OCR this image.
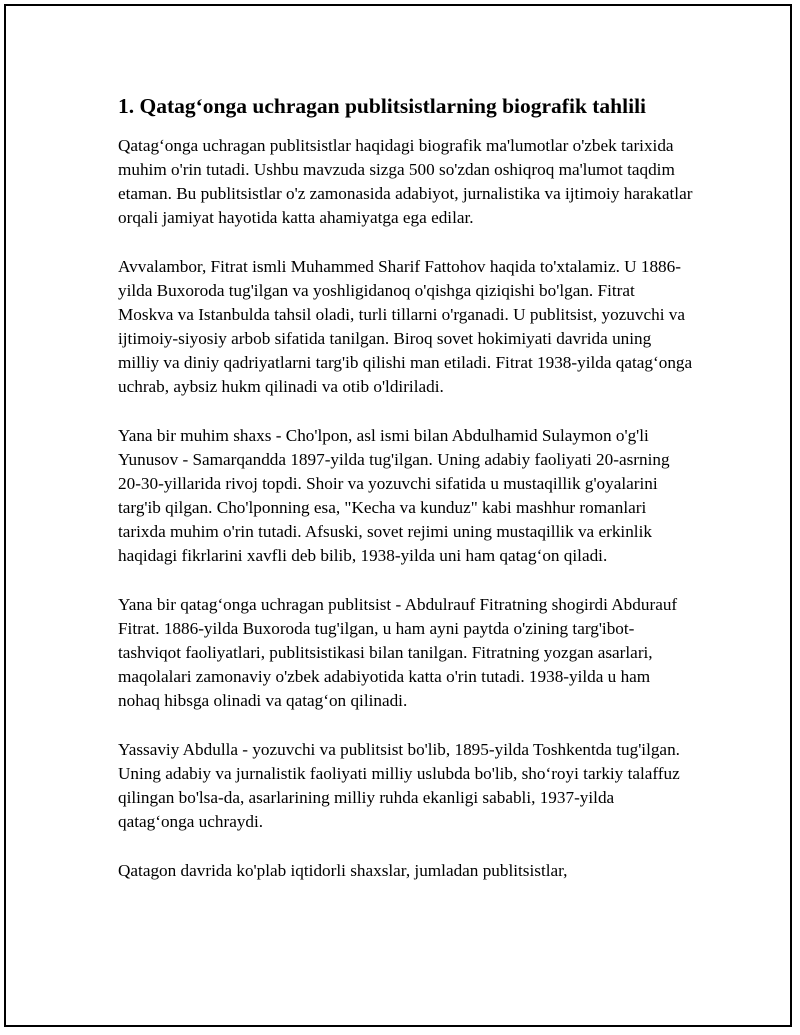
1. Qatag‘onga uchragan publitsistlarning biografik tahlili

Qatag‘onga uchragan publitsistlar haqidagi biografik ma'lumotlar o'zbek tarixida muhim o'rin tutadi. Ushbu mavzuda sizga 500 so'zdan oshiqroq ma'lumot taqdim etaman. Bu publitsistlar o'z zamonasida adabiyot, jurnalistika va ijtimoiy harakatlar orqali jamiyat hayotida katta ahamiyatga ega edilar.

Avvalambor, Fitrat ismli Muhammed Sharif Fattohov haqida to'xtalamiz. U 1886-yilda Buxoroda tug'ilgan va yoshligidanoq o'qishga qiziqishi bo'lgan. Fitrat Moskva va Istanbulda tahsil oladi, turli tillarni o'rganadi. U publitsist, yozuvchi va ijtimoiy-siyosiy arbob sifatida tanilgan. Biroq sovet hokimiyati davrida uning milliy va diniy qadriyatlarni targ'ib qilishi man etiladi. Fitrat 1938-yilda qatag‘onga uchrab, aybsiz hukm qilinadi va otib o'ldiriladi.

Yana bir muhim shaxs - Cho'lpon, asl ismi bilan Abdulhamid Sulaymon o'g'li Yunusov - Samarqandda 1897-yilda tug'ilgan. Uning adabiy faoliyati 20-asrning 20-30-yillarida rivoj topdi. Shoir va yozuvchi sifatida u mustaqillik g'oyalarini targ'ib qilgan. Cho'lponning esa, "Kecha va kunduz" kabi mashhur romanlari tarixda muhim o'rin tutadi. Afsuski, sovet rejimi uning mustaqillik va erkinlik haqidagi fikrlarini xavfli deb bilib, 1938-yilda uni ham qatag‘on qiladi.

Yana bir qatag‘onga uchragan publitsist - Abdulrauf Fitratning shogirdi Abdurauf Fitrat. 1886-yilda Buxoroda tug'ilgan, u ham ayni paytda o'zining targ'ibot-tashviqot faoliyatlari, publitsistikasi bilan tanilgan. Fitratning yozgan asarlari, maqolalari zamonaviy o'zbek adabiyotida katta o'rin tutadi. 1938-yilda u ham nohaq hibsga olinadi va qatag‘on qilinadi.

Yassaviy Abdulla - yozuvchi va publitsist bo'lib, 1895-yilda Toshkentda tug'ilgan. Uning adabiy va jurnalistik faoliyati milliy uslubda bo'lib, sho‘royi tarkiy talaffuz qilingan bo'lsa-da, asarlarining milliy ruhda ekanligi sababli, 1937-yilda qatag‘onga uchraydi.

Qatagon davrida ko'plab iqtidorli shaxslar, jumladan publitsistlar,
